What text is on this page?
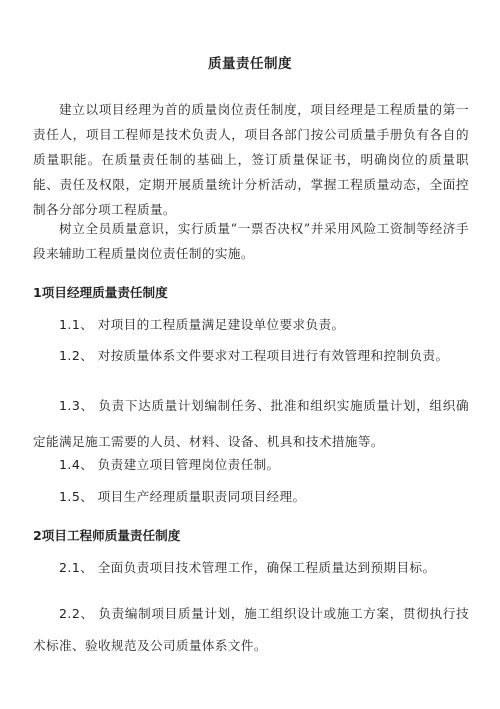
质量责任制度
建立以项目经理为首的质量岗位责任制度，项目经理是工程质量的第一责任人，项目工程师是技术负责人，项目各部门按公司质量手册负有各自的质量职能。在质量责任制的基础上，签订质量保证书，明确岗位的质量职能、责任及权限，定期开展质量统计分析活动，掌握工程质量动态，全面控制各分部分项工程质量。
树立全员质量意识，实行质量“一票否决权”并采用风险工资制等经济手段来辅助工程质量岗位责任制的实施。
1项目经理质量责任制度
1.1、 对项目的工程质量满足建设单位要求负责。
1.2、 对按质量体系文件要求对工程项目进行有效管理和控制负责。
1.3、 负责下达质量计划编制任务、批准和组织实施质量计划，组织确定能满足施工需要的人员、材料、设备、机具和技术措施等。
1.4、 负责建立项目管理岗位责任制。
1.5、 项目生产经理质量职责同项目经理。
2项目工程师质量责任制度
2.1、 全面负责项目技术管理工作，确保工程质量达到预期目标。
2.2、 负责编制项目质量计划，施工组织设计或施工方案，贯彻执行技术标准、验收规范及公司质量体系文件。
